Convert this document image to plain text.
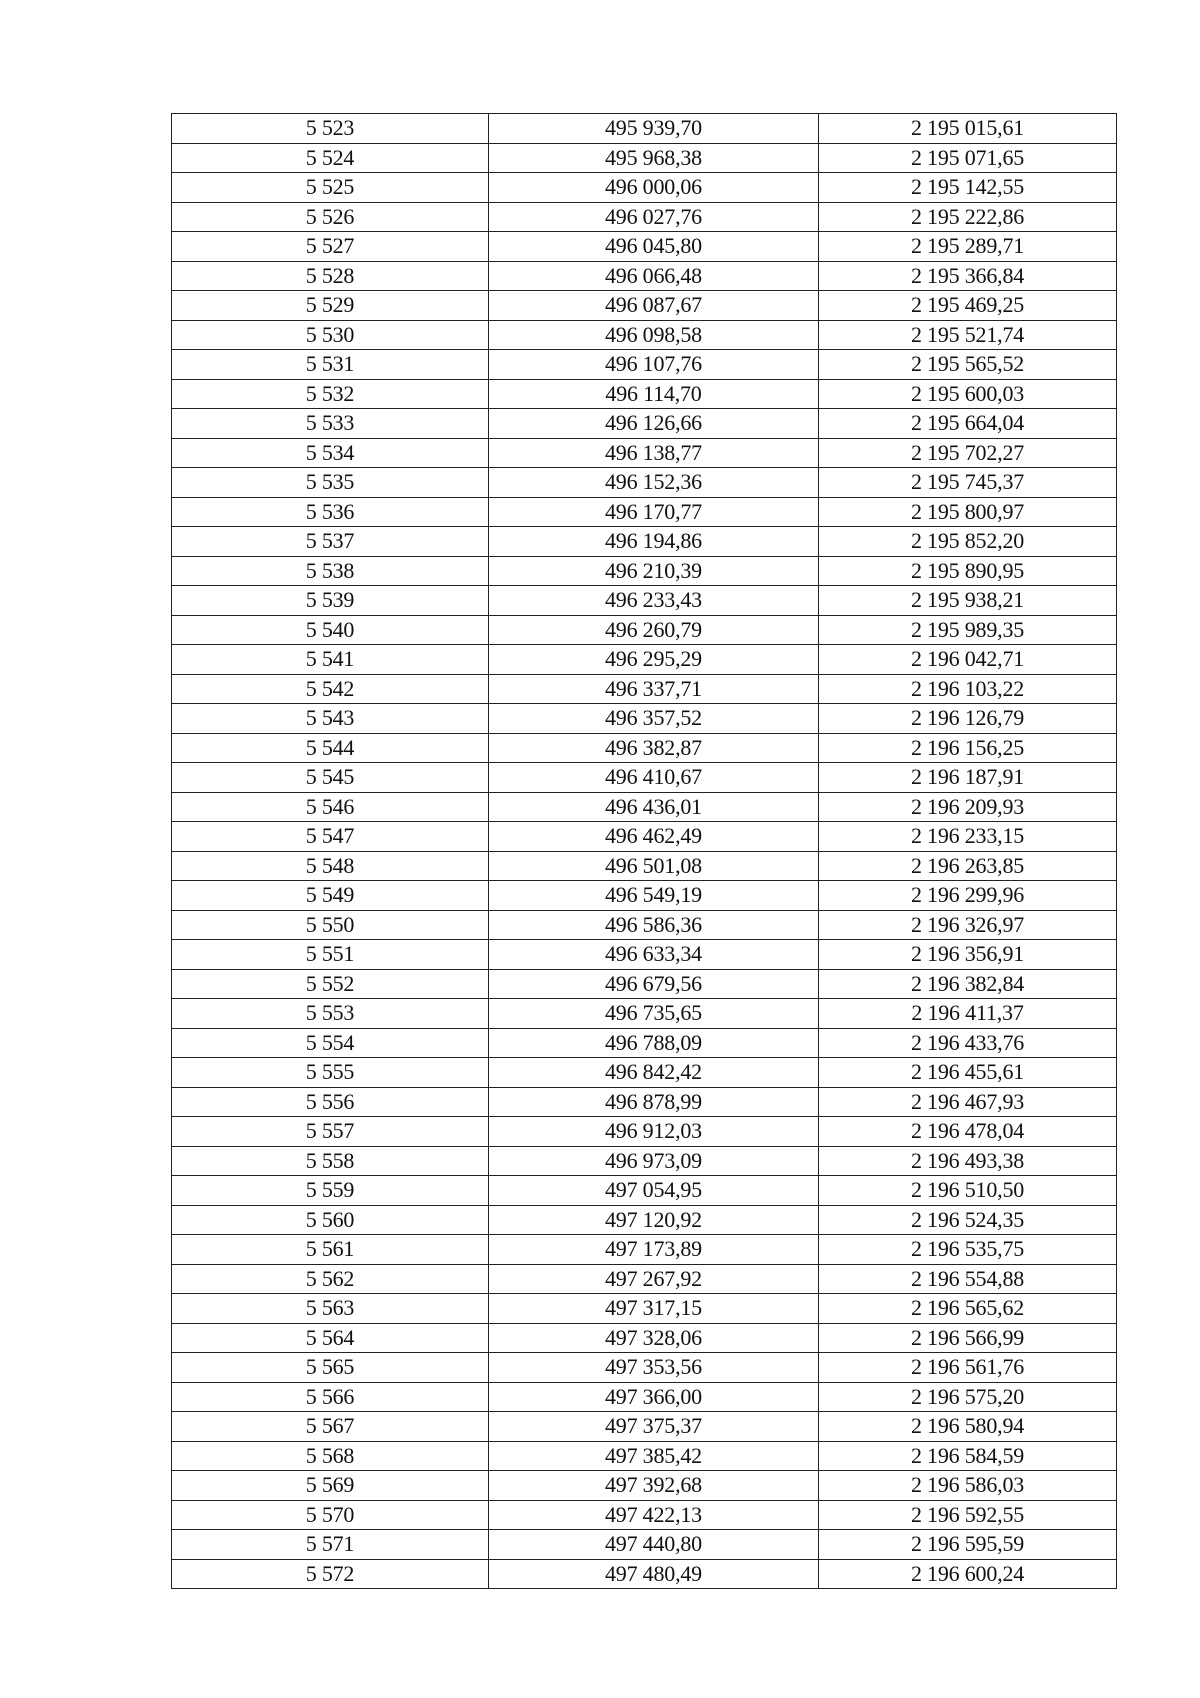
5 523	495 939,70	2 195 015,61
5 524	495 968,38	2 195 071,65
5 525	496 000,06	2 195 142,55
5 526	496 027,76	2 195 222,86
5 527	496 045,80	2 195 289,71
5 528	496 066,48	2 195 366,84
5 529	496 087,67	2 195 469,25
5 530	496 098,58	2 195 521,74
5 531	496 107,76	2 195 565,52
5 532	496 114,70	2 195 600,03
5 533	496 126,66	2 195 664,04
5 534	496 138,77	2 195 702,27
5 535	496 152,36	2 195 745,37
5 536	496 170,77	2 195 800,97
5 537	496 194,86	2 195 852,20
5 538	496 210,39	2 195 890,95
5 539	496 233,43	2 195 938,21
5 540	496 260,79	2 195 989,35
5 541	496 295,29	2 196 042,71
5 542	496 337,71	2 196 103,22
5 543	496 357,52	2 196 126,79
5 544	496 382,87	2 196 156,25
5 545	496 410,67	2 196 187,91
5 546	496 436,01	2 196 209,93
5 547	496 462,49	2 196 233,15
5 548	496 501,08	2 196 263,85
5 549	496 549,19	2 196 299,96
5 550	496 586,36	2 196 326,97
5 551	496 633,34	2 196 356,91
5 552	496 679,56	2 196 382,84
5 553	496 735,65	2 196 411,37
5 554	496 788,09	2 196 433,76
5 555	496 842,42	2 196 455,61
5 556	496 878,99	2 196 467,93
5 557	496 912,03	2 196 478,04
5 558	496 973,09	2 196 493,38
5 559	497 054,95	2 196 510,50
5 560	497 120,92	2 196 524,35
5 561	497 173,89	2 196 535,75
5 562	497 267,92	2 196 554,88
5 563	497 317,15	2 196 565,62
5 564	497 328,06	2 196 566,99
5 565	497 353,56	2 196 561,76
5 566	497 366,00	2 196 575,20
5 567	497 375,37	2 196 580,94
5 568	497 385,42	2 196 584,59
5 569	497 392,68	2 196 586,03
5 570	497 422,13	2 196 592,55
5 571	497 440,80	2 196 595,59
5 572	497 480,49	2 196 600,24
